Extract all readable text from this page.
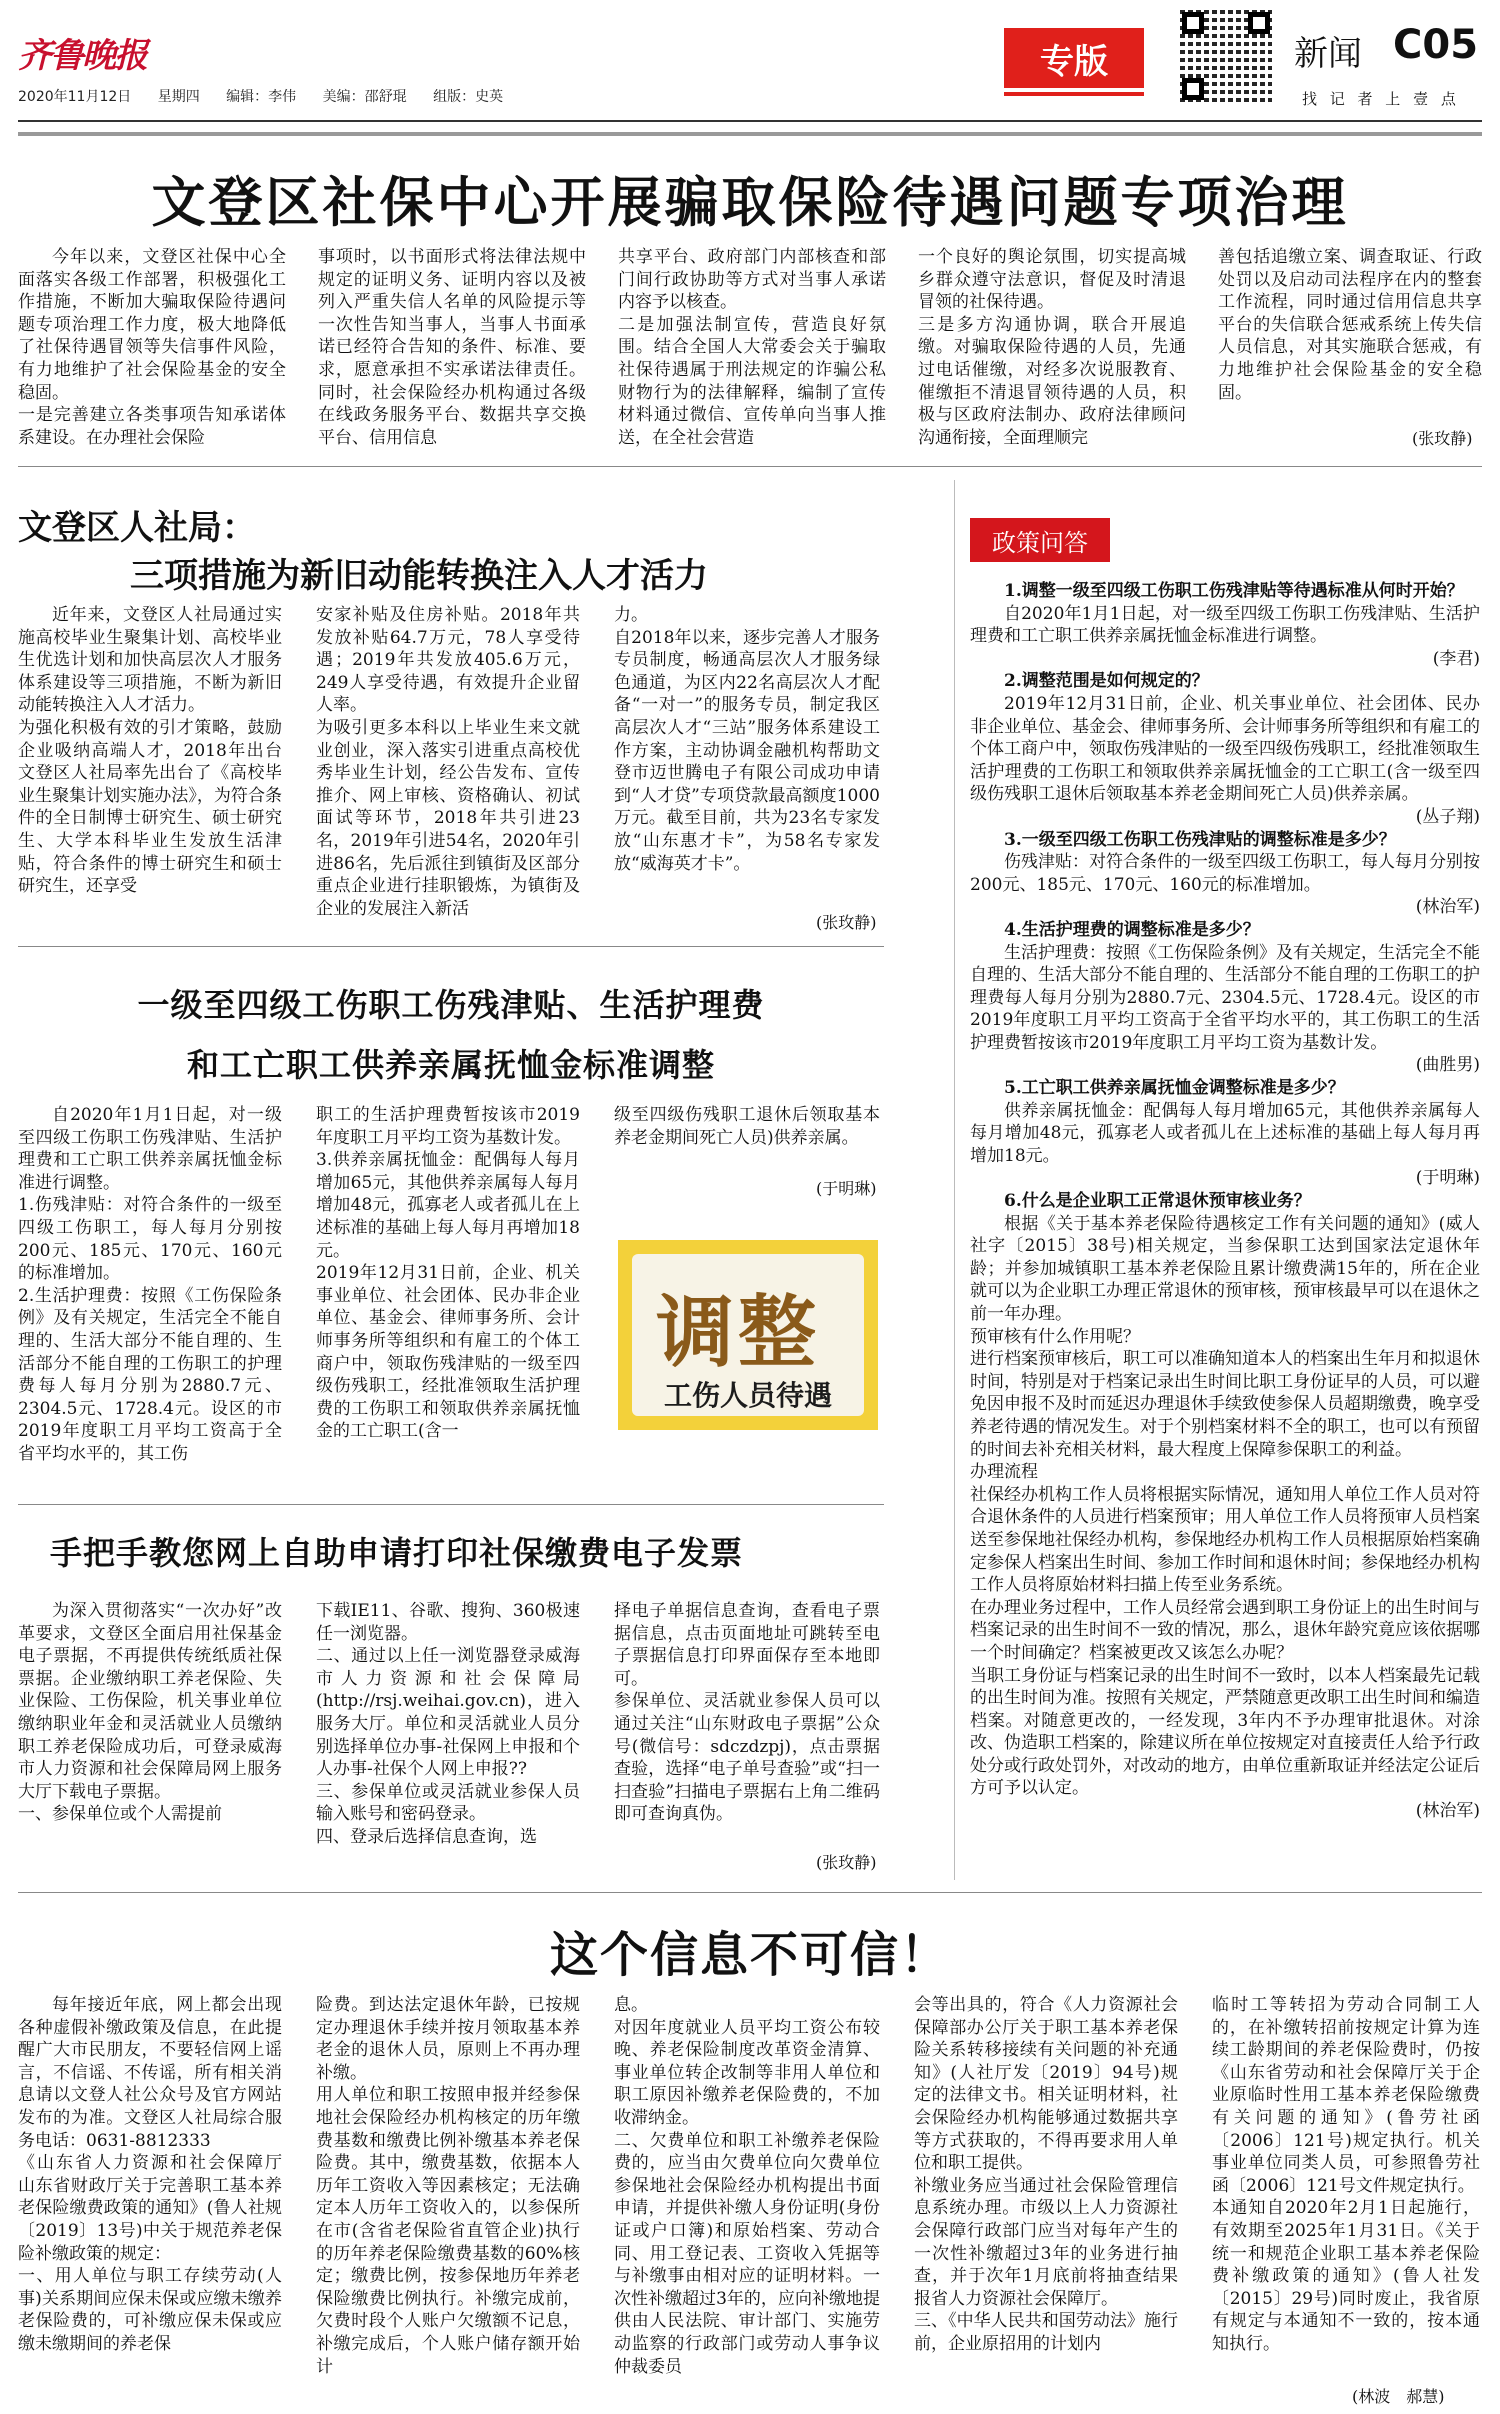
齐鲁晚报
2020年11月12日 星期四 编辑：李伟 美编：邵舒琨 组版：史英
专版	新闻 C05
找 记 者 上 壹 点
文登区社保中心开展骗取保险待遇问题专项治理
今年以来，文登区社保中心全面落实各级工作部署，积极强化工作措施，不断加大骗取保险待遇问题专项治理工作力度，极大地降低了社保待遇冒领等失信事件风险，有力地维护了社会保险基金的安全稳固。
一是完善建立各类事项告知承诺体系建设。在办理社会保险
事项时，以书面形式将法律法规中规定的证明义务、证明内容以及被列入严重失信人名单的风险提示等一次性告知当事人，当事人书面承诺已经符合告知的条件、标准、要求，愿意承担不实承诺法律责任。同时，社会保险经办机构通过各级在线政务服务平台、数据共享交换平台、信用信息
共享平台、政府部门内部核查和部门间行政协助等方式对当事人承诺内容予以核查。
二是加强法制宣传，营造良好氛围。结合全国人大常委会关于骗取社保待遇属于刑法规定的诈骗公私财物行为的法律解释，编制了宣传材料通过微信、宣传单向当事人推送，在全社会营造
一个良好的舆论氛围，切实提高城乡群众遵守法意识，督促及时清退冒领的社保待遇。
三是多方沟通协调，联合开展追缴。对骗取保险待遇的人员，先通过电话催缴，对经多次说服教育、催缴拒不清退冒领待遇的人员，积极与区政府法制办、政府法律顾问沟通衔接，全面理顺完
善包括追缴立案、调查取证、行政处罚以及启动司法程序在内的整套工作流程，同时通过信用信息共享平台的失信联合惩戒系统上传失信人员信息，对其实施联合惩戒，有力地维护社会保险基金的安全稳固。
(张玫静)
文登区人社局：
三项措施为新旧动能转换注入人才活力
近年来，文登区人社局通过实施高校毕业生聚集计划、高校毕业生优选计划和加快高层次人才服务体系建设等三项措施，不断为新旧动能转换注入人才活力。
为强化积极有效的引才策略，鼓励企业吸纳高端人才，2018年出台文登区人社局率先出台了《高校毕业生聚集计划实施办法》，为符合条件的全日制博士研究生、硕士研究生、大学本科毕业生发放生活津贴，符合条件的博士研究生和硕士研究生，还享受
安家补贴及住房补贴。2018年共发放补贴64.7万元，78人享受待遇；2019年共发放405.6万元，249人享受待遇，有效提升企业留人率。
为吸引更多本科以上毕业生来文就业创业，深入落实引进重点高校优秀毕业生计划，经公告发布、宣传推介、网上审核、资格确认、初试面试等环节，2018年共引进23名，2019年引进54名，2020年引进86名，先后派往到镇街及区部分重点企业进行挂职锻炼，为镇街及企业的发展注入新活
力。
自2018年以来，逐步完善人才服务专员制度，畅通高层次人才服务绿色通道，为区内22名高层次人才配备“一对一”的服务专员，制定我区高层次人才“三站”服务体系建设工作方案，主动协调金融机构帮助文登市迈世腾电子有限公司成功申请到“人才贷”专项贷款最高额度1000万元。截至目前，共为23名专家发放“山东惠才卡”，为58名专家发放“威海英才卡”。
(张玫静)
一级至四级工伤职工伤残津贴、生活护理费
和工亡职工供养亲属抚恤金标准调整
自2020年1月1日起，对一级至四级工伤职工伤残津贴、生活护理费和工亡职工供养亲属抚恤金标准进行调整。
1.伤残津贴：对符合条件的一级至四级工伤职工，每人每月分别按200元、185元、170元、160元的标准增加。
2.生活护理费：按照《工伤保险条例》及有关规定，生活完全不能自理的、生活大部分不能自理的、生活部分不能自理的工伤职工的护理费每人每月分别为2880.7元、2304.5元、1728.4元。设区的市2019年度职工月平均工资高于全省平均水平的，其工伤
职工的生活护理费暂按该市2019年度职工月平均工资为基数计发。
3.供养亲属抚恤金：配偶每人每月增加65元，其他供养亲属每人每月增加48元，孤寡老人或者孤儿在上述标准的基础上每人每月再增加18元。
2019年12月31日前，企业、机关事业单位、社会团体、民办非企业单位、基金会、律师事务所、会计师事务所等组织和有雇工的个体工商户中，领取伤残津贴的一级至四级伤残职工，经批准领取生活护理费的工伤职工和领取供养亲属抚恤金的工亡职工(含一
级至四级伤残职工退休后领取基本养老金期间死亡人员)供养亲属。
(于明琳)
调整
工伤人员待遇
手把手教您网上自助申请打印社保缴费电子发票
为深入贯彻落实“一次办好”改革要求，文登区全面启用社保基金电子票据，不再提供传统纸质社保票据。企业缴纳职工养老保险、失业保险、工伤保险，机关事业单位缴纳职业年金和灵活就业人员缴纳职工养老保险成功后，可登录威海市人力资源和社会保障局网上服务大厅下载电子票据。
一、参保单位或个人需提前
下载IE11、谷歌、搜狗、360极速任一浏览器。
二、通过以上任一浏览器登录威海市人力资源和社会保障局(http://rsj.weihai.gov.cn)，进入服务大厅。单位和灵活就业人员分别选择单位办事-社保网上申报和个人办事-社保个人网上申报??
三、参保单位或灵活就业参保人员输入账号和密码登录。
四、登录后选择信息查询，选
择电子单据信息查询，查看电子票据信息，点击页面地址可跳转至电子票据信息打印界面保存至本地即可。
参保单位、灵活就业参保人员可以通过关注“山东财政电子票据”公众号(微信号：sdczdzpj)，点击票据查验，选择“电子单号查验”或“扫一扫查验”扫描电子票据右上角二维码即可查询真伪。
(张玫静)
政策问答
1.调整一级至四级工伤职工伤残津贴等待遇标准从何时开始？
自2020年1月1日起，对一级至四级工伤职工伤残津贴、生活护理费和工亡职工供养亲属抚恤金标准进行调整。
(李君)
2.调整范围是如何规定的？
2019年12月31日前，企业、机关事业单位、社会团体、民办非企业单位、基金会、律师事务所、会计师事务所等组织和有雇工的个体工商户中，领取伤残津贴的一级至四级伤残职工，经批准领取生活护理费的工伤职工和领取供养亲属抚恤金的工亡职工(含一级至四级伤残职工退休后领取基本养老金期间死亡人员)供养亲属。
(丛子翔)
3.一级至四级工伤职工伤残津贴的调整标准是多少？
伤残津贴：对符合条件的一级至四级工伤职工，每人每月分别按200元、185元、170元、160元的标准增加。
(林治军)
4.生活护理费的调整标准是多少？
生活护理费：按照《工伤保险条例》及有关规定，生活完全不能自理的、生活大部分不能自理的、生活部分不能自理的工伤职工的护理费每人每月分别为2880.7元、2304.5元、1728.4元。设区的市2019年度职工月平均工资高于全省平均水平的，其工伤职工的生活护理费暂按该市2019年度职工月平均工资为基数计发。
(曲胜男)
5.工亡职工供养亲属抚恤金调整标准是多少？
供养亲属抚恤金：配偶每人每月增加65元，其他供养亲属每人每月增加48元，孤寡老人或者孤儿在上述标准的基础上每人每月再增加18元。
(于明琳)
6.什么是企业职工正常退休预审核业务？
根据《关于基本养老保险待遇核定工作有关问题的通知》(威人社字〔2015〕38号)相关规定，当参保职工达到国家法定退休年龄；并参加城镇职工基本养老保险且累计缴费满15年的，所在企业就可以为企业职工办理正常退休的预审核，预审核最早可以在退休之前一年办理。
预审核有什么作用呢？
进行档案预审核后，职工可以准确知道本人的档案出生年月和拟退休时间，特别是对于档案记录出生时间比职工身份证早的人员，可以避免因申报不及时而延迟办理退休手续致使参保人员超期缴费，晚享受养老待遇的情况发生。对于个别档案材料不全的职工，也可以有预留的时间去补充相关材料，最大程度上保障参保职工的利益。
办理流程
社保经办机构工作人员将根据实际情况，通知用人单位工作人员对符合退休条件的人员进行档案预审；用人单位工作人员将预审人员档案送至参保地社保经办机构，参保地经办机构工作人员根据原始档案确定参保人档案出生时间、参加工作时间和退休时间；参保地经办机构工作人员将原始材料扫描上传至业务系统。
在办理业务过程中，工作人员经常会遇到职工身份证上的出生时间与档案记录的出生时间不一致的情况，那么，退休年龄究竟应该依据哪一个时间确定？档案被更改又该怎么办呢？
当职工身份证与档案记录的出生时间不一致时，以本人档案最先记载的出生时间为准。按照有关规定，严禁随意更改职工出生时间和编造档案。对随意更改的，一经发现，3年内不予办理审批退休。对涂改、伪造职工档案的，除建议所在单位按规定对直接责任人给予行政处分或行政处罚外，对改动的地方，由单位重新取证并经法定公证后方可予以认定。
(林治军)
这个信息不可信！
每年接近年底，网上都会出现各种虚假补缴政策及信息，在此提醒广大市民朋友，不要轻信网上谣言，不信谣、不传谣，所有相关消息请以文登人社公众号及官方网站发布的为准。文登区人社局综合服务电话：0631-8812333
《山东省人力资源和社会保障厅　山东省财政厅关于完善职工基本养老保险缴费政策的通知》(鲁人社规〔2019〕13号)中关于规范养老保险补缴政策的规定：
一、用人单位与职工存续劳动(人事)关系期间应保未保或应缴未缴养老保险费的，可补缴应保未保或应缴未缴期间的养老保
险费。到达法定退休年龄，已按规定办理退休手续并按月领取基本养老金的退休人员，原则上不再办理补缴。
用人单位和职工按照申报并经参保地社会保险经办机构核定的历年缴费基数和缴费比例补缴基本养老保险费。其中，缴费基数，依据本人历年工资收入等因素核定；无法确定本人历年工资收入的，以参保所在市(含省老保险省直管企业)执行的历年养老保险缴费基数的60%核定；缴费比例，按参保地历年养老保险缴费比例执行。补缴完成前，欠费时段个人账户欠缴额不记息，补缴完成后，个人账户储存额开始计
息。
对因年度就业人员平均工资公布较晚、养老保险制度改革资金清算、事业单位转企改制等非用人单位和职工原因补缴养老保险费的，不加收滞纳金。
二、欠费单位和职工补缴养老保险费的，应当由欠费单位向欠费单位参保地社会保险经办机构提出书面申请，并提供补缴人身份证明(身份证或户口簿)和原始档案、劳动合同、用工登记表、工资收入凭据等与补缴事由相对应的证明材料。一次性补缴超过3年的，应向补缴地提供由人民法院、审计部门、实施劳动监察的行政部门或劳动人事争议仲裁委员
会等出具的，符合《人力资源社会保障部办公厅关于职工基本养老保险关系转移接续有关问题的补充通知》(人社厅发〔2019〕94号)规定的法律文书。相关证明材料，社会保险经办机构能够通过数据共享等方式获取的，不得再要求用人单位和职工提供。
补缴业务应当通过社会保险管理信息系统办理。市级以上人力资源社会保障行政部门应当对每年产生的一次性补缴超过3年的业务进行抽查，并于次年1月底前将抽查结果报省人力资源社会保障厅。
三、《中华人民共和国劳动法》施行前，企业原招用的计划内
临时工等转招为劳动合同制工人的，在补缴转招前按规定计算为连续工龄期间的养老保险费时，仍按《山东省劳动和社会保障厅关于企业原临时性用工基本养老保险缴费有关问题的通知》(鲁劳社函〔2006〕121号)规定执行。机关事业单位同类人员，可参照鲁劳社函〔2006〕121号文件规定执行。
本通知自2020年2月1日起施行，有效期至2025年1月31日。《关于统一和规范企业职工基本养老保险费补缴政策的通知》(鲁人社发〔2015〕29号)同时废止，我省原有规定与本通知不一致的，按本通知执行。
(林波　郝慧)
